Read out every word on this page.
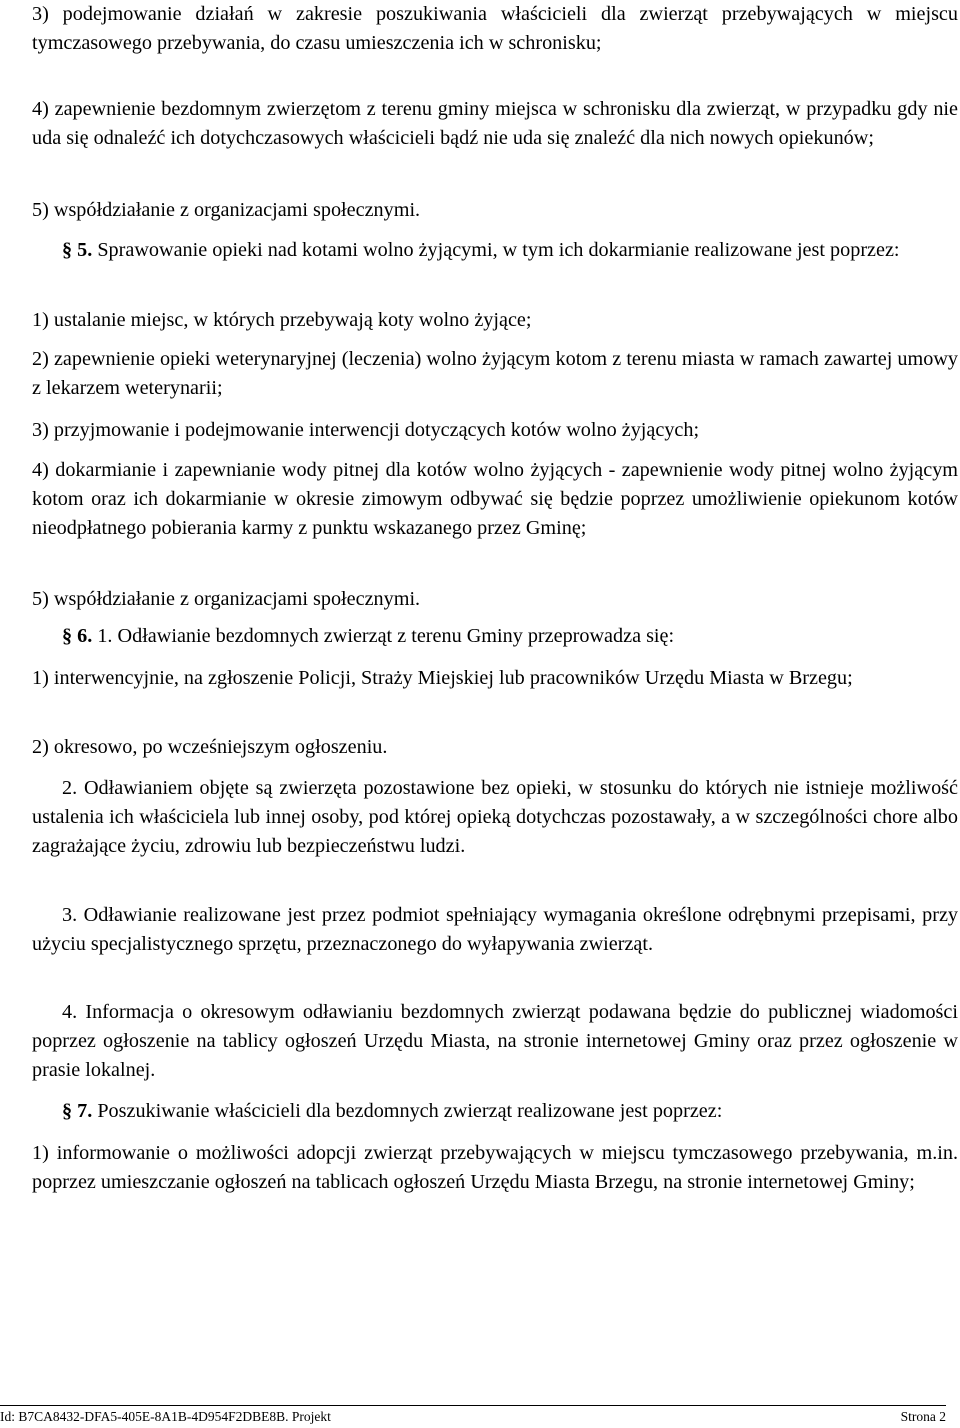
3) podejmowanie działań w zakresie poszukiwania właścicieli dla zwierząt przebywających w miejscu tymczasowego przebywania, do czasu umieszczenia ich w schronisku;
4) zapewnienie bezdomnym zwierzętom z terenu gminy miejsca w schronisku dla zwierząt, w przypadku gdy nie uda się odnaleźć ich dotychczasowych właścicieli bądź nie uda się znaleźć dla nich nowych opiekunów;
5) współdziałanie z organizacjami społecznymi.
§ 5. Sprawowanie opieki nad kotami wolno żyjącymi, w tym ich dokarmianie realizowane jest poprzez:
1) ustalanie miejsc, w których przebywają koty wolno żyjące;
2) zapewnienie opieki weterynaryjnej (leczenia) wolno żyjącym kotom z terenu miasta w ramach zawartej umowy z lekarzem weterynarii;
3) przyjmowanie i podejmowanie interwencji dotyczących kotów wolno żyjących;
4) dokarmianie i zapewnianie wody pitnej dla kotów wolno żyjących - zapewnienie wody pitnej wolno żyjącym kotom oraz ich dokarmianie w okresie zimowym odbywać się będzie poprzez umożliwienie opiekunom kotów nieodpłatnego pobierania karmy z punktu wskazanego przez Gminę;
5) współdziałanie z organizacjami społecznymi.
§ 6. 1. Odławianie bezdomnych zwierząt z terenu Gminy przeprowadza się:
1) interwencyjnie, na zgłoszenie Policji, Straży Miejskiej lub pracowników Urzędu Miasta w Brzegu;
2) okresowo, po wcześniejszym ogłoszeniu.
2. Odławianiem objęte są zwierzęta pozostawione bez opieki, w stosunku do których nie istnieje możliwość ustalenia ich właściciela lub innej osoby, pod której opieką dotychczas pozostawały, a w szczególności chore albo zagrażające życiu, zdrowiu lub bezpieczeństwu ludzi.
3. Odławianie realizowane jest przez podmiot spełniający wymagania określone odrębnymi przepisami, przy użyciu specjalistycznego sprzętu, przeznaczonego do wyłapywania zwierząt.
4. Informacja o okresowym odławianiu bezdomnych zwierząt podawana będzie do publicznej wiadomości poprzez ogłoszenie na tablicy ogłoszeń Urzędu Miasta, na stronie internetowej Gminy oraz przez ogłoszenie w prasie lokalnej.
§ 7. Poszukiwanie właścicieli dla bezdomnych zwierząt realizowane jest poprzez:
1) informowanie o możliwości adopcji zwierząt przebywających w miejscu tymczasowego przebywania, m.in. poprzez umieszczanie ogłoszeń na tablicach ogłoszeń Urzędu Miasta Brzegu, na stronie internetowej Gminy;
Id: B7CA8432-DFA5-405E-8A1B-4D954F2DBE8B. Projekt	Strona 2
